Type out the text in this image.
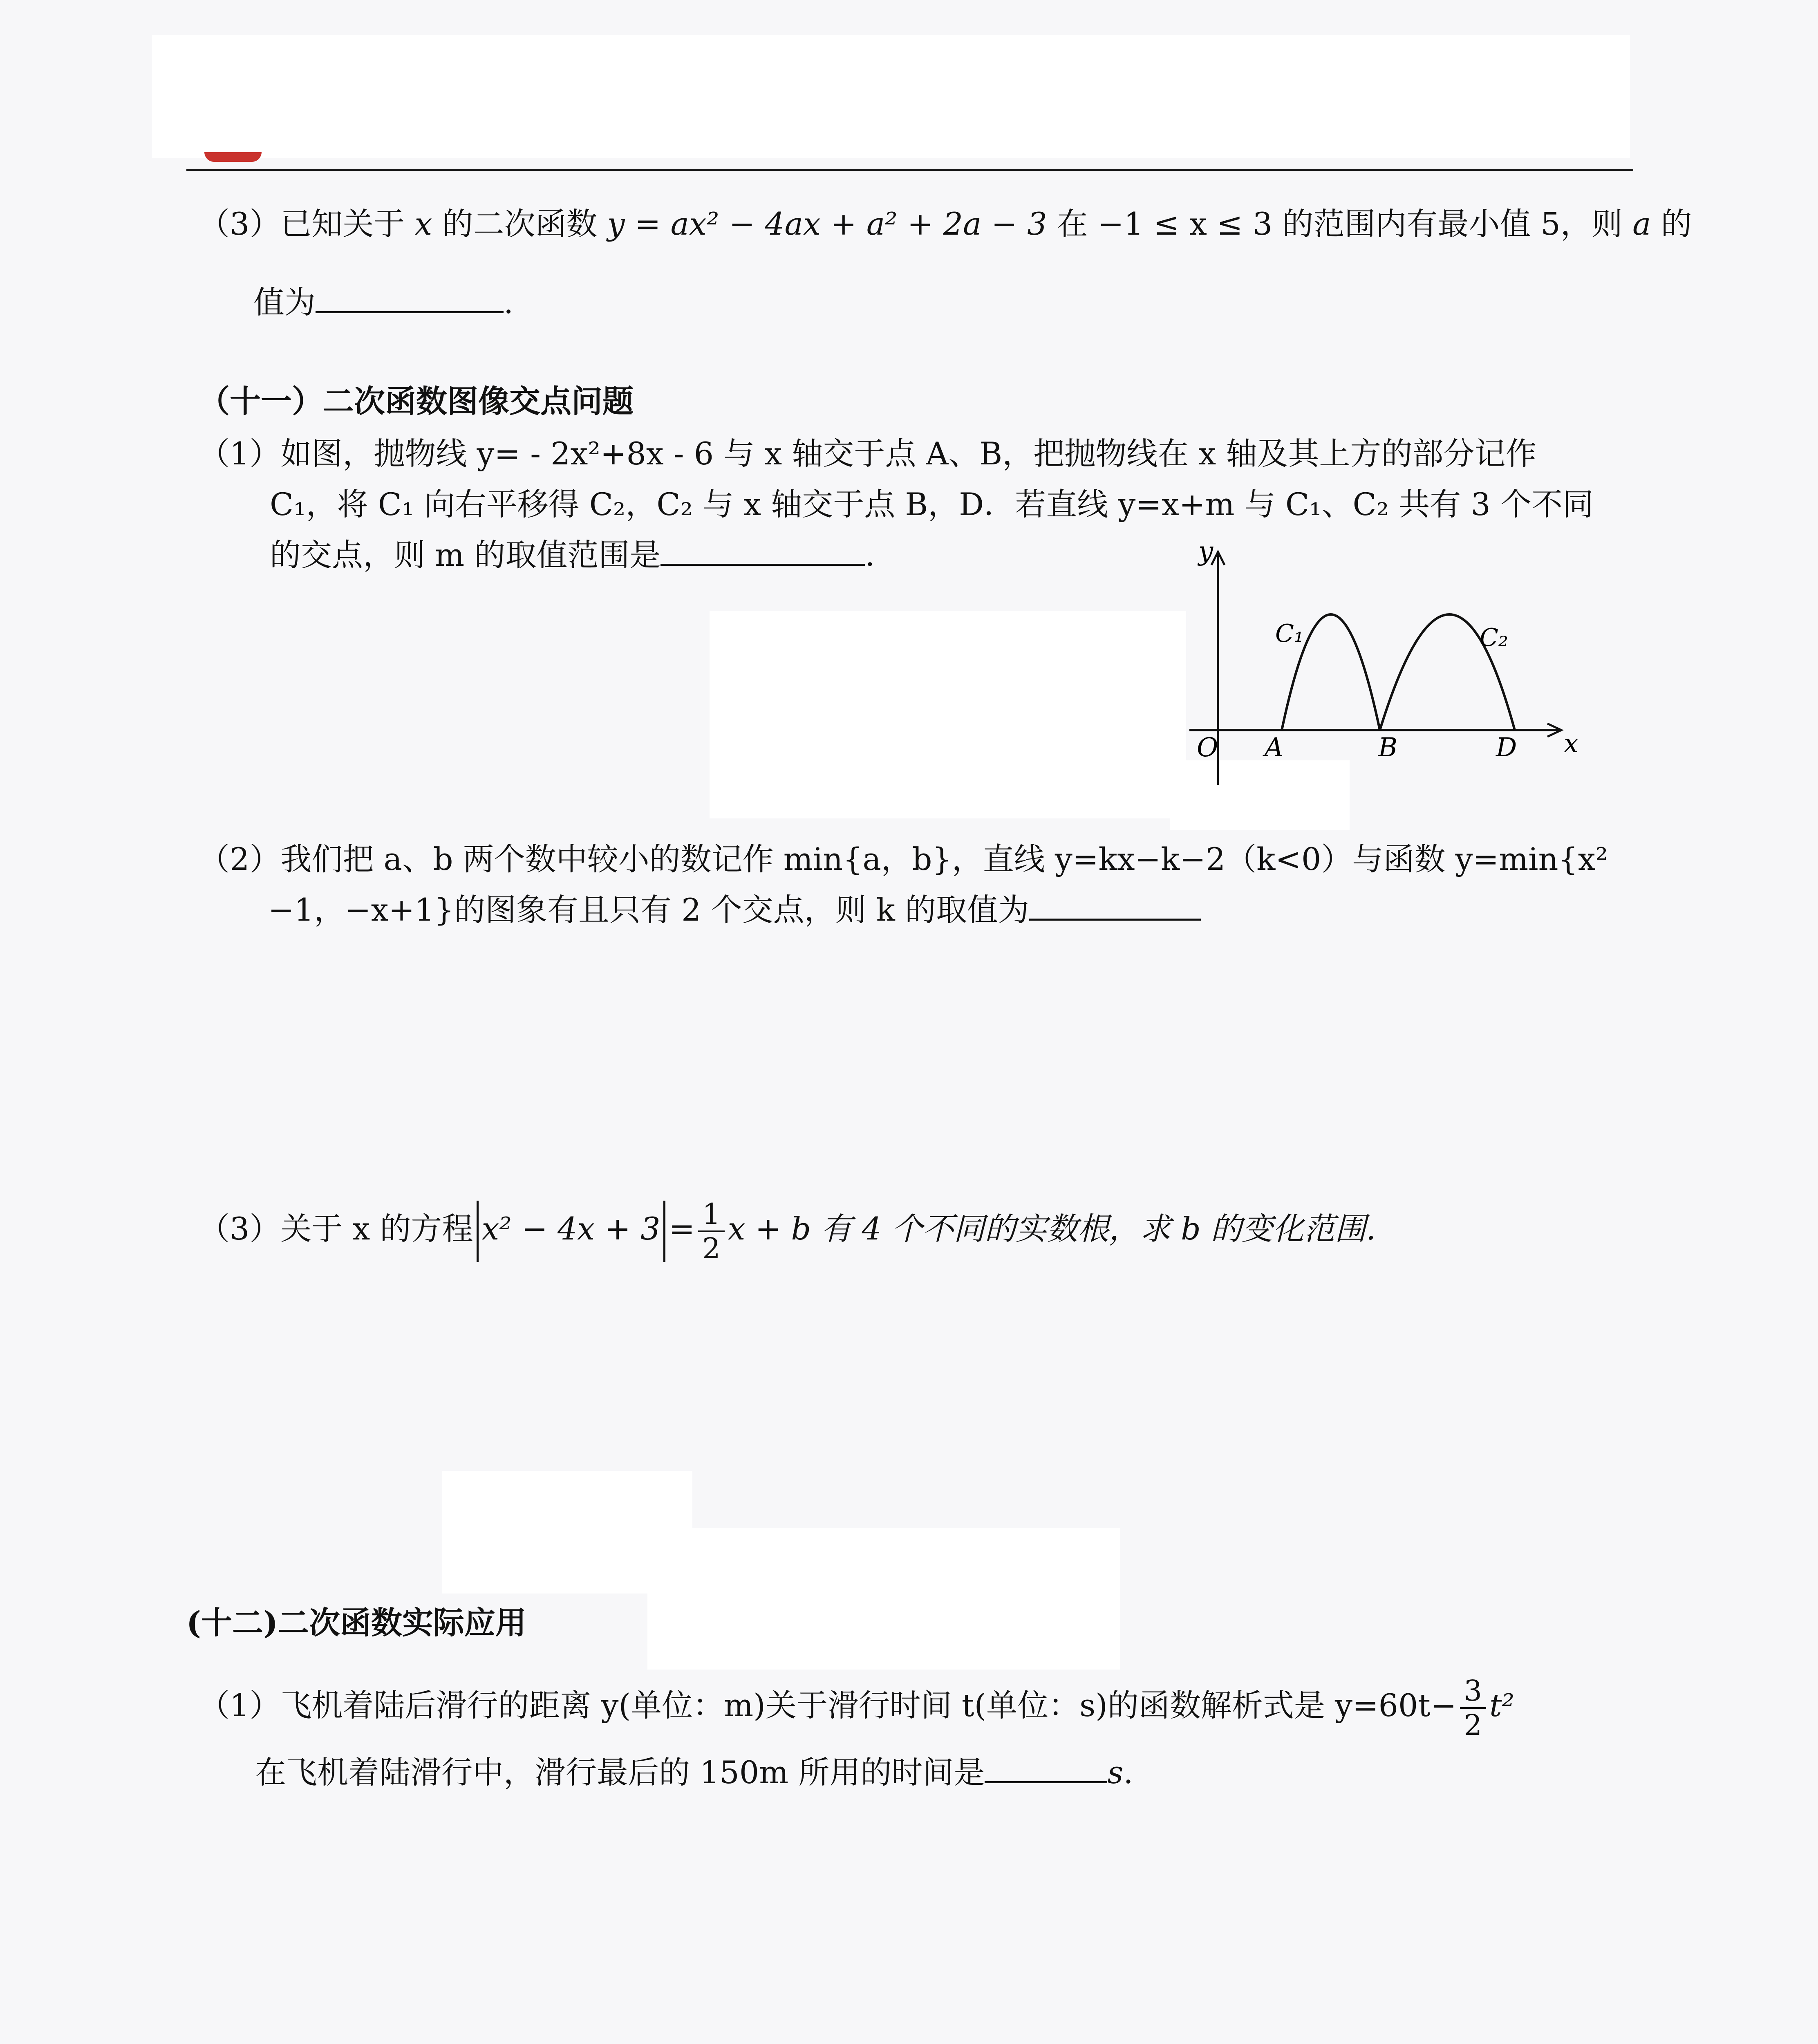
（3）已知关于 x 的二次函数 y = ax² − 4ax + a² + 2a − 3 在 −1 ≤ x ≤ 3 的范围内有最小值 5，则 a 的
值为	.
（十一）二次函数图像交点问题
（1）如图，抛物线 y= - 2x²+8x - 6 与 x 轴交于点 A、B，把抛物线在 x 轴及其上方的部分记作
C₁，将 C₁ 向右平移得 C₂，C₂ 与 x 轴交于点 B，D．若直线 y=x+m 与 C₁、C₂ 共有 3 个不同
的交点，则 m 的取值范围是	.	y
x
O A	B	D
C₁	C₂
（2）我们把 a、b 两个数中较小的数记作 min{a，b}，直线 y=kx−k−2（k<0）与函数 y=min{x²
−1，−x+1}的图象有且只有 2 个交点，则 k 的取值为
（3）关于 x 的方程 $x^2 - 4x + 3 = \frac{1}{2}$ x + b 有 4 个不同的实数根，求 b 的变化范围.
(十二)二次函数实际应用
（1）飞机着陆后滑行的距离 y(单位：m)关于滑行时间 t(单位：s)的函数解析式是 $y=60t- \frac{3}{2} t^2$
在飞机着陆滑行中，滑行最后的 150m 所用的时间是	s.
